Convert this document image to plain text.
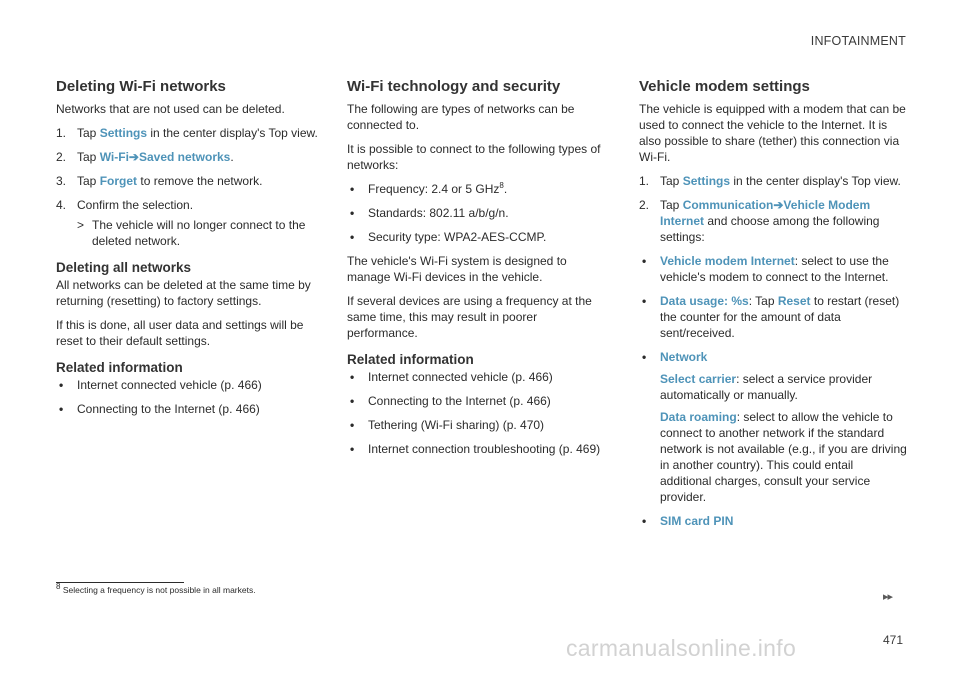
INFOTAINMENT
Deleting Wi-Fi networks

Networks that are not used can be deleted.

1. Tap Settings in the center display's Top view.
2. Tap Wi-Fi➔Saved networks.
3. Tap Forget to remove the network.
4. Confirm the selection.
> The vehicle will no longer connect to the deleted network.
Deleting all networks

All networks can be deleted at the same time by returning (resetting) to factory settings.

If this is done, all user data and settings will be reset to their default settings.

Related information
•	Internet connected vehicle (p. 466)
•	Connecting to the Internet (p. 466)
Wi-Fi technology and security

The following are types of networks can be connected to.

It is possible to connect to the following types of networks:

•	Frequency: 2.4 or 5 GHz$^8$.
•	Standards: 802.11 a/b/g/n.
•	Security type: WPA2-AES-CCMP.

The vehicle's Wi-Fi system is designed to manage Wi-Fi devices in the vehicle.

If several devices are using a frequency at the same time, this may result in poorer performance.

Related information
•	Internet connected vehicle (p. 466)
•	Connecting to the Internet (p. 466)
•	Tethering (Wi-Fi sharing) (p. 470)
•	Internet connection troubleshooting (p. 469)
Vehicle modem settings

The vehicle is equipped with a modem that can be used to connect the vehicle to the Internet. It is also possible to share (tether) this connection via Wi-Fi.

1. Tap Settings in the center display's Top view.
2. Tap Communication➔Vehicle Modem Internet and choose among the following settings:
•	Vehicle modem Internet: select to use the vehicle's modem to connect to the Internet.
•	Data usage: %s: Tap Reset to restart (reset) the counter for the amount of data sent/received.
•	Network
Select carrier: select a service provider automatically or manually.
Data roaming: select to allow the vehicle to connect to another network if the standard network is not available (e.g., if you are driving in another country). This could entail additional charges, consult your service provider.
•	SIM card PIN
$^8$ Selecting a frequency is not possible in all markets.
▸▸
471
carmanualsonline.info
